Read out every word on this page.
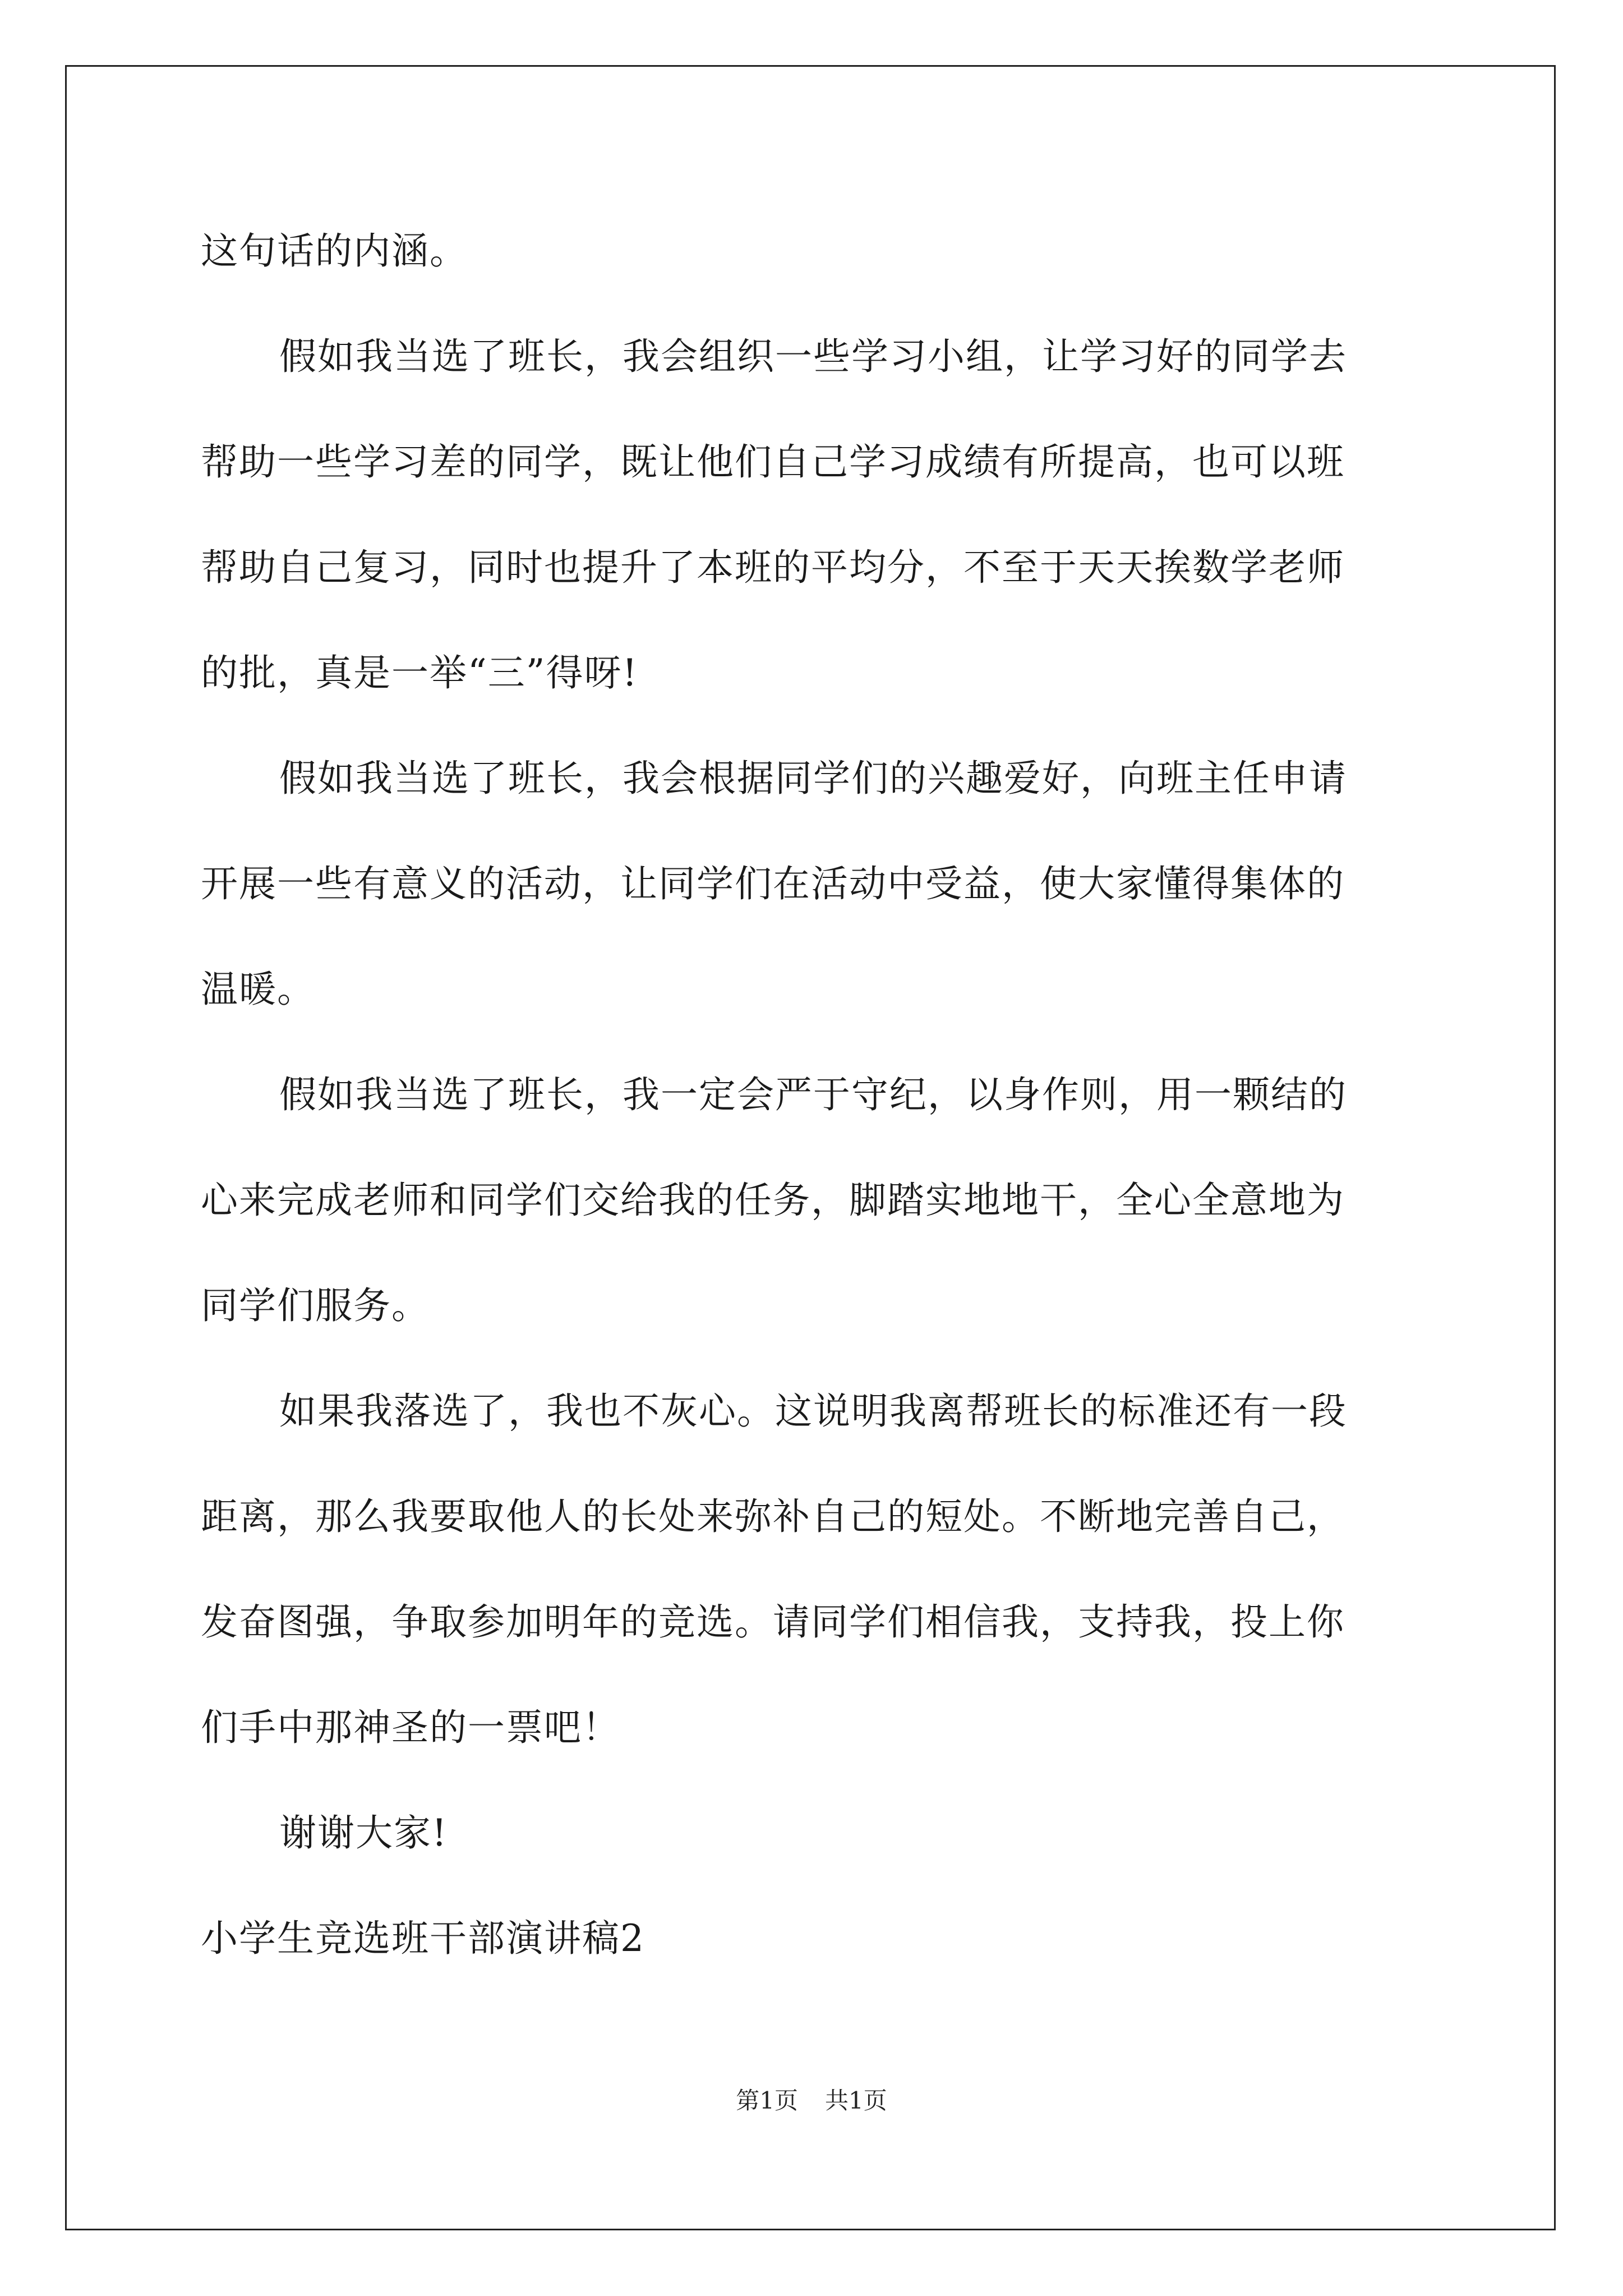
这句话的内涵。
假如我当选了班长，我会组织一些学习小组，让学习好的同学去
帮助一些学习差的同学，既让他们自己学习成绩有所提高，也可以班
帮助自己复习，同时也提升了本班的平均分，不至于天天挨数学老师
的批，真是一举“三”得呀!
假如我当选了班长，我会根据同学们的兴趣爱好，向班主任申请
开展一些有意义的活动，让同学们在活动中受益，使大家懂得集体的
温暖。
假如我当选了班长，我一定会严于守纪，以身作则，用一颗结的
心来完成老师和同学们交给我的任务，脚踏实地地干，全心全意地为
同学们服务。
如果我落选了，我也不灰心。这说明我离帮班长的标准还有一段
距离，那么我要取他人的长处来弥补自己的短处。不断地完善自己，
发奋图强，争取参加明年的竞选。请同学们相信我，支持我，投上你
们手中那神圣的一票吧！
谢谢大家!
小学生竞选班干部演讲稿2
第1页 共1页
